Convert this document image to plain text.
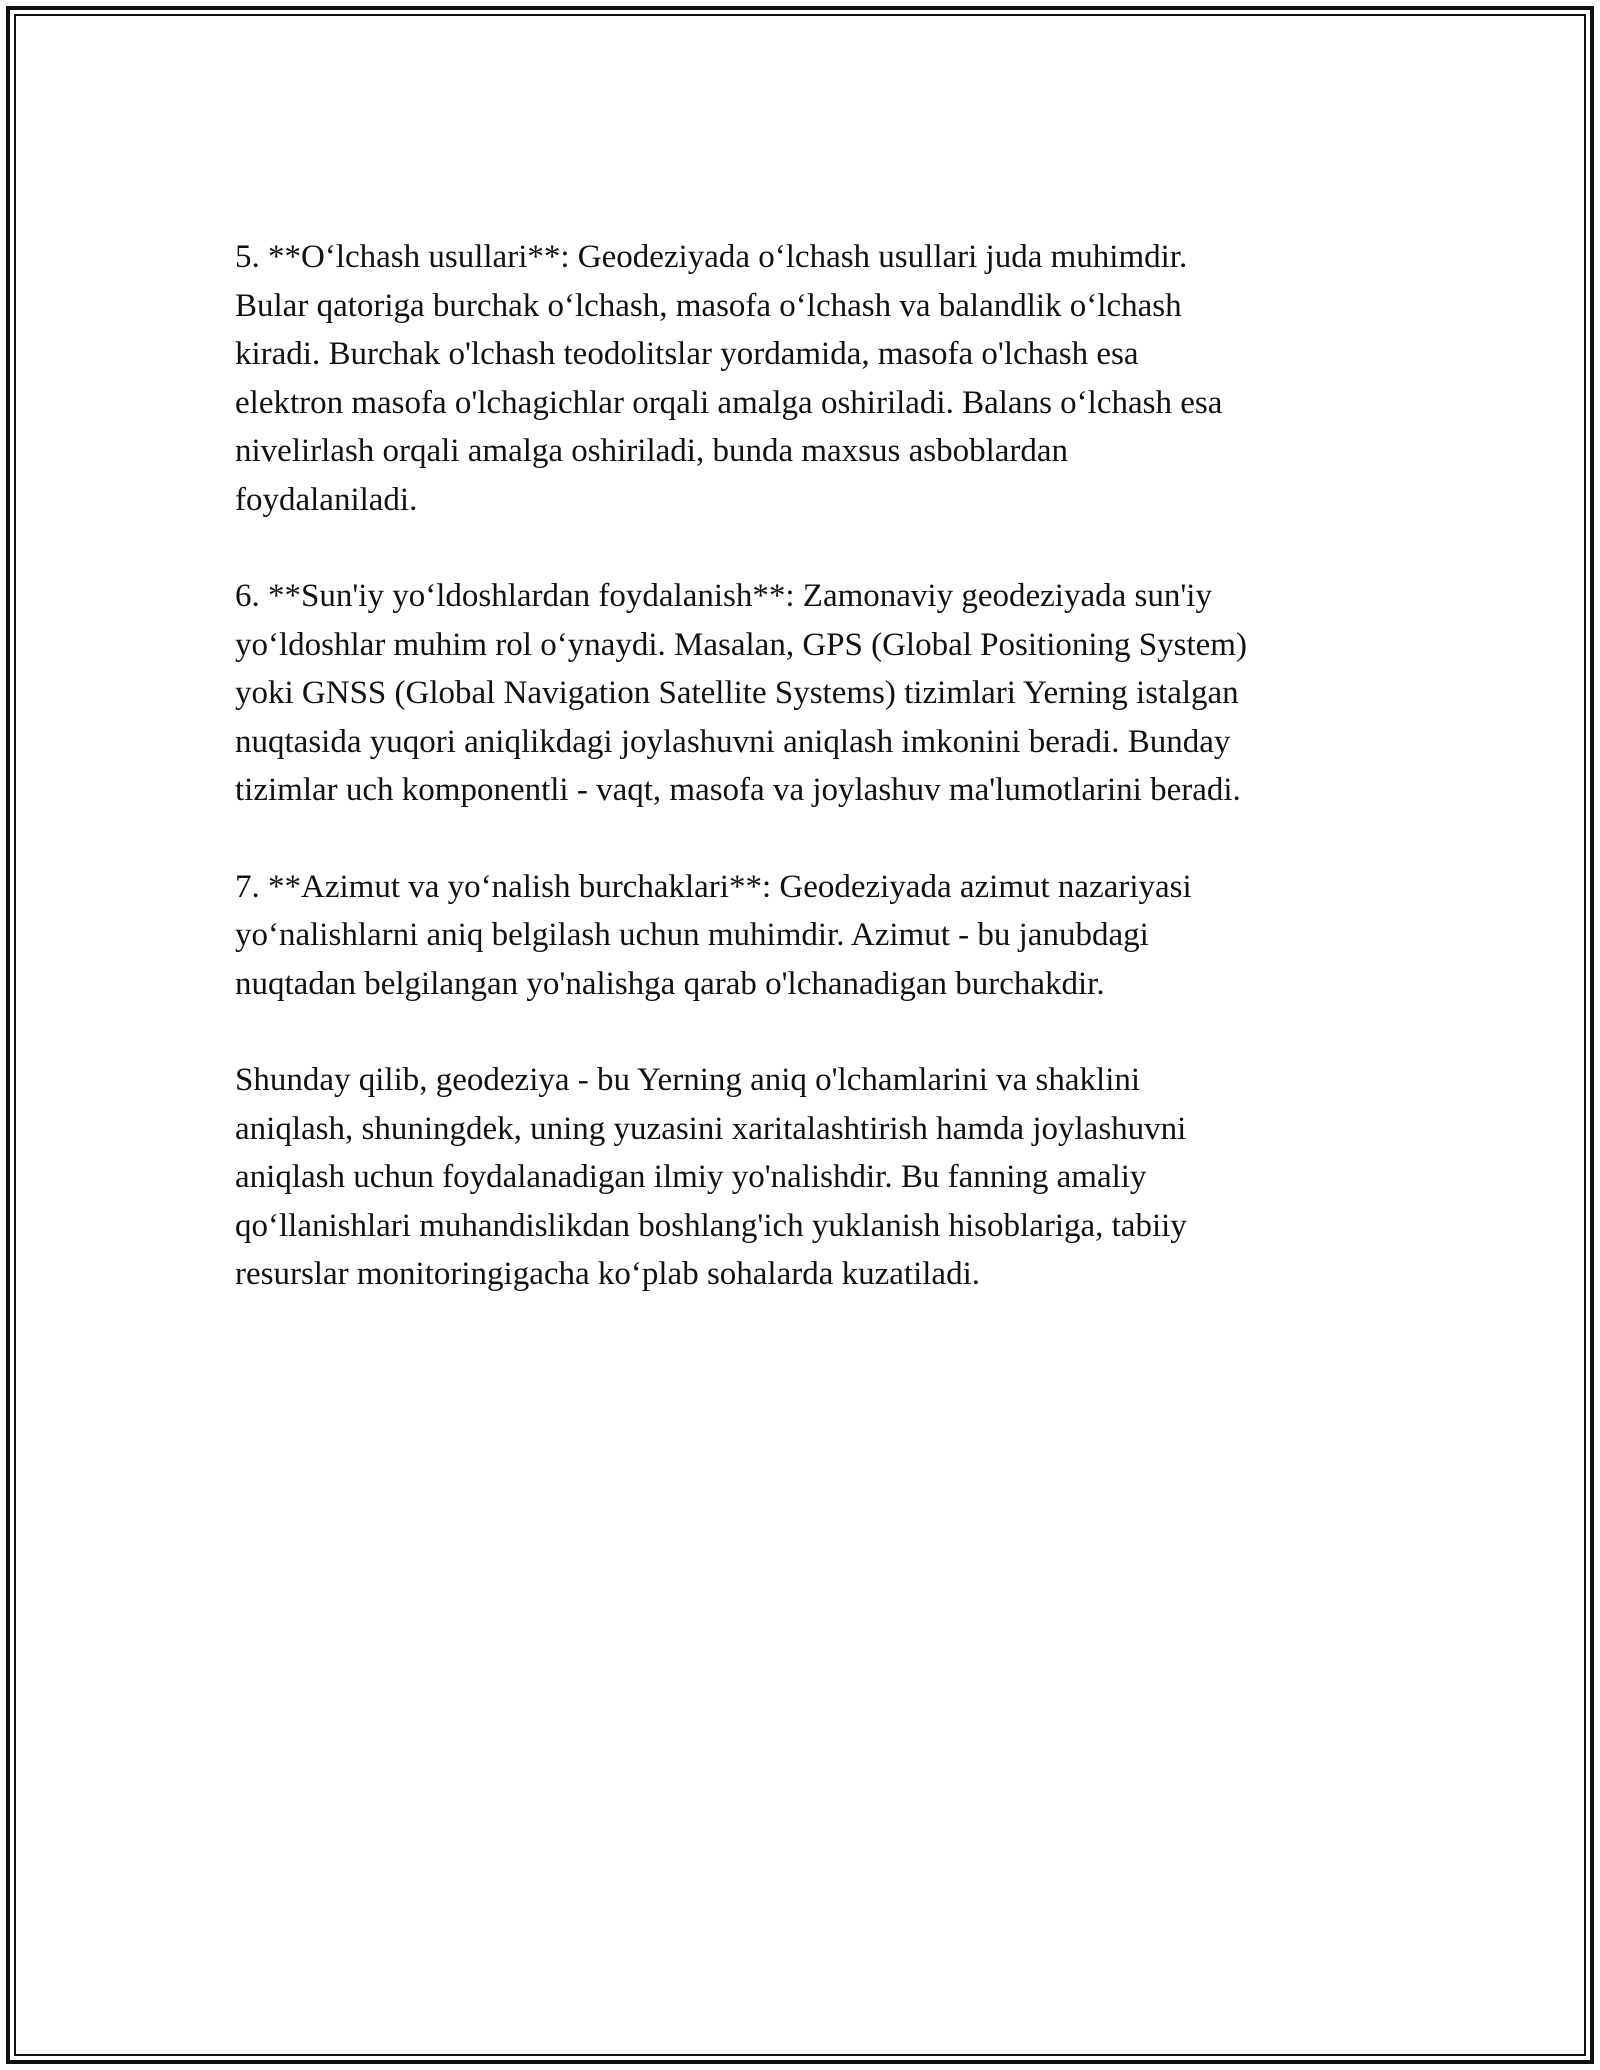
5. **O‘lchash usullari**: Geodeziyada o‘lchash usullari juda muhimdir.
Bular qatoriga burchak o‘lchash, masofa o‘lchash va balandlik o‘lchash
kiradi. Burchak o'lchash teodolitslar yordamida, masofa o'lchash esa
elektron masofa o'lchagichlar orqali amalga oshiriladi. Balans o‘lchash esa
nivelirlash orqali amalga oshiriladi, bunda maxsus asboblardan
foydalaniladi.

6. **Sun'iy yo‘ldoshlardan foydalanish**: Zamonaviy geodeziyada sun'iy
yo‘ldoshlar muhim rol o‘ynaydi. Masalan, GPS (Global Positioning System)
yoki GNSS (Global Navigation Satellite Systems) tizimlari Yerning istalgan
nuqtasida yuqori aniqlikdagi joylashuvni aniqlash imkonini beradi. Bunday
tizimlar uch komponentli - vaqt, masofa va joylashuv ma'lumotlarini beradi.

7. **Azimut va yo‘nalish burchaklari**: Geodeziyada azimut nazariyasi
yo‘nalishlarni aniq belgilash uchun muhimdir. Azimut - bu janubdagi
nuqtadan belgilangan yo'nalishga qarab o'lchanadigan burchakdir.

Shunday qilib, geodeziya - bu Yerning aniq o'lchamlarini va shaklini
aniqlash, shuningdek, uning yuzasini xaritalashtirish hamda joylashuvni
aniqlash uchun foydalanadigan ilmiy yo'nalishdir. Bu fanning amaliy
qo‘llanishlari muhandislikdan boshlang'ich yuklanish hisoblariga, tabiiy
resurslar monitoringigacha ko‘plab sohalarda kuzatiladi.
